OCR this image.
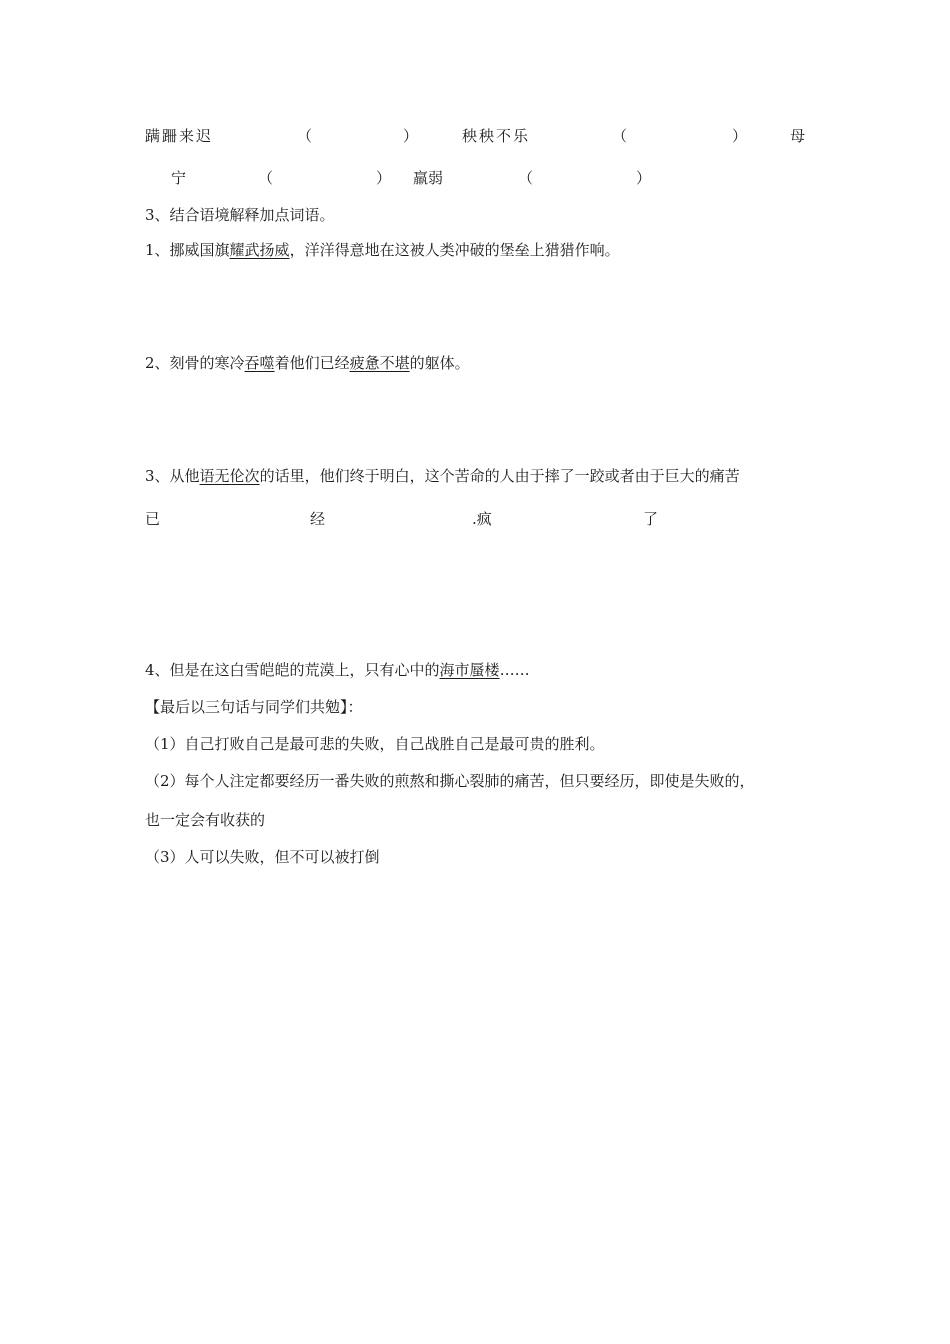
蹒跚来迟	（	）	秧秧不乐	（	）	母
宁	（	） 羸弱	（	）
3、结合语境解释加点词语。
1、挪威国旗耀武扬威，洋洋得意地在这被人类冲破的堡垒上猎猎作响。
2、刻骨的寒冷吞噬着他们已经疲惫不堪的躯体。
3、从他语无伦次的话里，他们终于明白，这个苦命的人由于摔了一跤或者由于巨大的痛苦
已	经	.疯	了
4、但是在这白雪皑皑的荒漠上，只有心中的海市蜃楼……
【最后以三句话与同学们共勉】：
（1）自己打败自己是最可悲的失败，自己战胜自己是最可贵的胜利。
（2）每个人注定都要经历一番失败的煎熬和撕心裂肺的痛苦，但只要经历，即使是失败的，
也一定会有收获的
（3）人可以失败，但不可以被打倒
